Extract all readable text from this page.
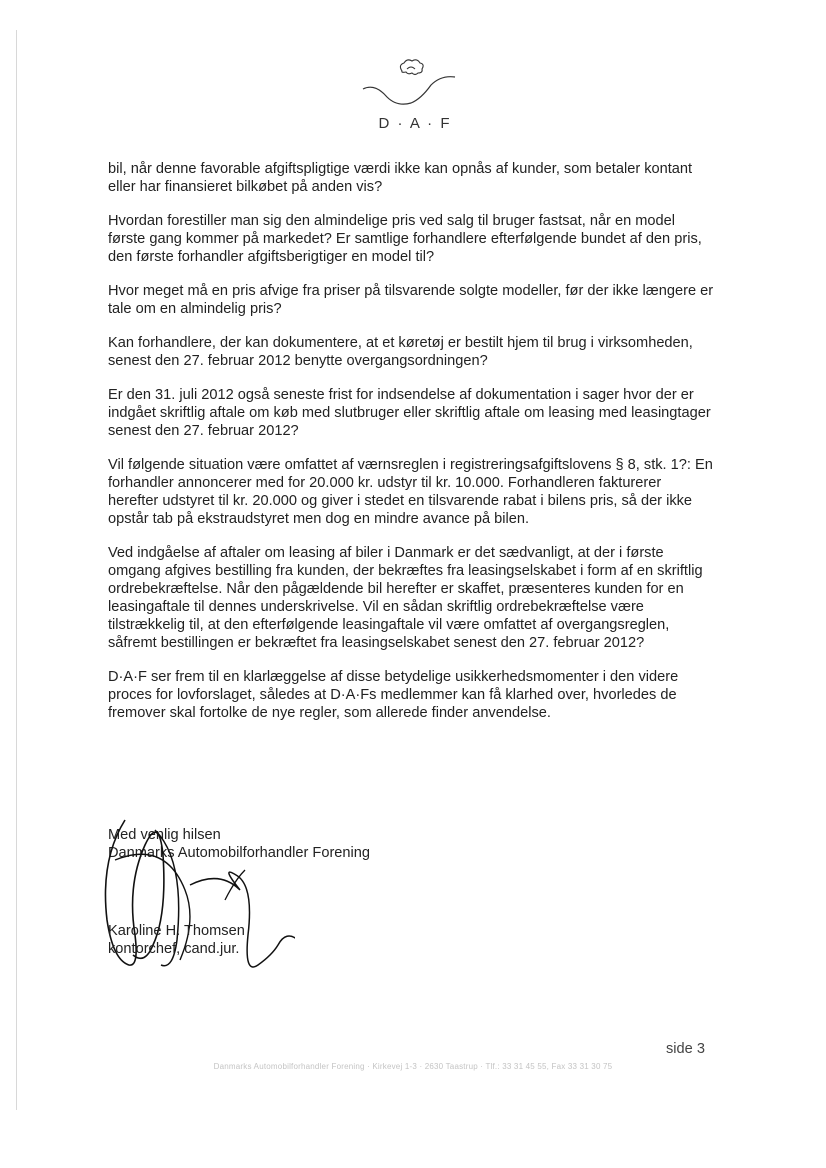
D · A · F

bil, når denne favorable afgiftspligtige værdi ikke kan opnås af kunder, som betaler kontant eller har finansieret bilkøbet på anden vis?

Hvordan forestiller man sig den almindelige pris ved salg til bruger fastsat, når en model første gang kommer på markedet? Er samtlige forhandlere efterfølgende bundet af den pris, den første forhandler afgiftsberigtiger en model til?

Hvor meget må en pris afvige fra priser på tilsvarende solgte modeller, før der ikke længere er tale om en almindelig pris?

Kan forhandlere, der kan dokumentere, at et køretøj er bestilt hjem til brug i virksomheden, senest den 27. februar 2012 benytte overgangsordningen?

Er den 31. juli 2012 også seneste frist for indsendelse af dokumentation i sager hvor der er indgået skriftlig aftale om køb med slutbruger eller skriftlig aftale om leasing med leasingtager senest den 27. februar 2012?

Vil følgende situation være omfattet af værnsreglen i registreringsafgiftslovens § 8, stk. 1?: En forhandler annoncerer med for 20.000 kr. udstyr til kr. 10.000. Forhandleren fakturerer herefter udstyret til kr. 20.000 og giver i stedet en tilsvarende rabat i bilens pris, så der ikke opstår tab på ekstraudstyret men dog en mindre avance på bilen.

Ved indgåelse af aftaler om leasing af biler i Danmark er det sædvanligt, at der i første omgang afgives bestilling fra kunden, der bekræftes fra leasingselskabet i form af en skriftlig ordrebekræftelse. Når den pågældende bil herefter er skaffet, præsenteres kunden for en leasingaftale til dennes underskrivelse. Vil en sådan skriftlig ordrebekræftelse være tilstrækkelig til, at den efterfølgende leasingaftale vil være omfattet af overgangsreglen, såfremt bestillingen er bekræftet fra leasingselskabet senest den 27. februar 2012?

D·A·F ser frem til en klarlæggelse af disse betydelige usikkerhedsmomenter i den videre proces for lovforslaget, således at D·A·Fs medlemmer kan få klarhed over, hvorledes de fremover skal fortolke de nye regler, som allerede finder anvendelse.

Med venlig hilsen
Danmarks Automobilforhandler Forening
Karoline H. Thomsen
kontorchef, cand.jur.
side 3
Danmarks Automobilforhandler Forening · Kirkevej 1-3 · 2630 Taastrup · Tlf.: 33 31 45 55, Fax 33 31 30 75
